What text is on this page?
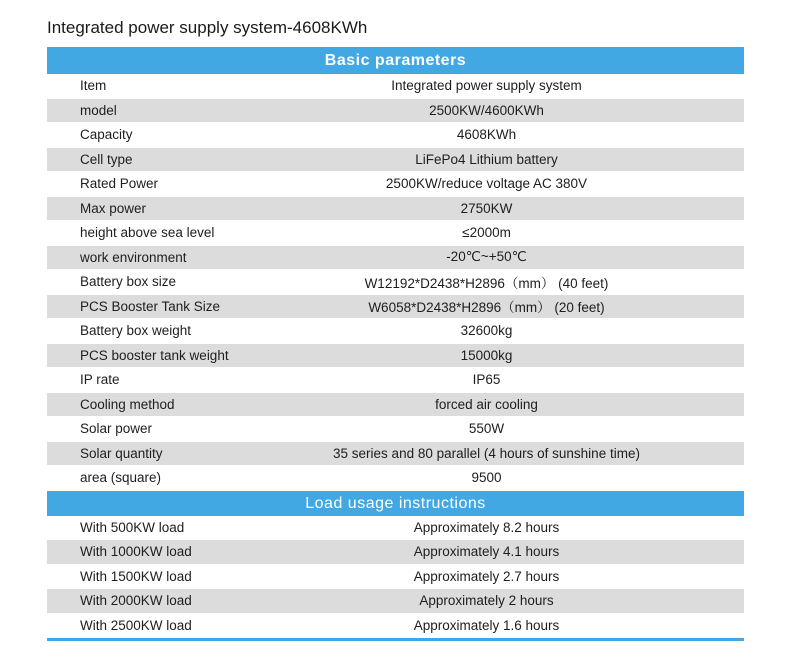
Integrated power supply system-4608KWh
Basic parameters
Item	Integrated power supply system
model	2500KW/4600KWh
Capacity	4608KWh
Cell type	LiFePo4 Lithium battery
Rated Power	2500KW/reduce voltage AC 380V
Max power	2750KW
height above sea level	≤2000m
work environment	-20℃~+50℃
Battery box size	W12192*D2438*H2896（mm） (40 feet)
PCS Booster Tank Size	W6058*D2438*H2896（mm） (20 feet)
Battery box weight	32600kg
PCS booster tank weight	15000kg
IP rate	IP65
Cooling method	forced air cooling
Solar power	550W
Solar quantity	35 series and 80 parallel (4 hours of sunshine time)
area (square)	9500
Load usage instructions
With 500KW load	Approximately 8.2 hours
With 1000KW load	Approximately 4.1 hours
With 1500KW load	Approximately 2.7 hours
With 2000KW load	Approximately 2 hours
With 2500KW load	Approximately 1.6 hours
